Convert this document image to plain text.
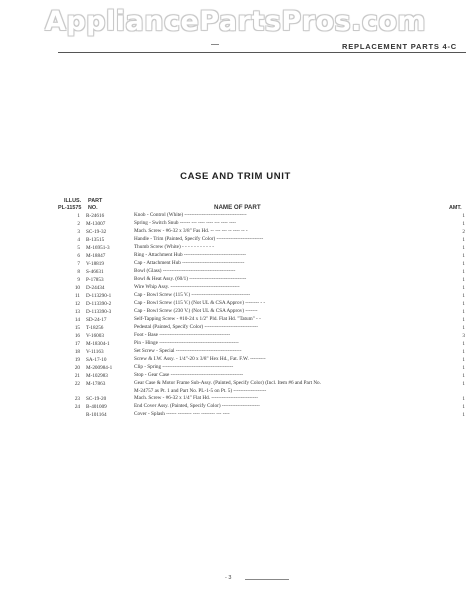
AppliancePartsPros.com
REPLACEMENT PARTS 4-C
CASE AND TRIM UNIT
ILLUS.
PL-11575
PART
NO.	NAME OF PART	AMT.
1 R-24616	Knob - Control (White) ------------------------------------	1
2 M-13007	Spring - Switch Snub ------ --- ---- ---- --- ---- ----	1
3 SC-19-32	Mach. Screw - #6-32 x 3/8" Fas Hd. -- --- --- -- ---- -- -	2
4 B-13515	Handle - Trim (Painted, Specify Color) ---------------------------	1
5 M-16951-3	Thumb Screw (White) - - - - - - - - - - -	1
6 M-18847	Ring - Attachment Hub ------------------------------------	1
7 V-18819	Cap - Attachment Hub ------------------------------------	1
8 S-46631	Bowl (Glass) ------------------------------------------	1
9 P-17853	Bowl & Heat Assy. (60/1) ---------------------------------	1
10 D-24434	Wire Whip Assy. ----------------------------------------	1
11 D-113290-1	Cap - Bowl Screw (115 V.) ----------------------------------	1
12 D-113390-2	Cap - Bowl Screw (115 V.) (Not UL & CSA Approv) -------- - -	1
13 D-113390-3	Cap - Bowl Screw (230 V.) (Not UL & CSA Approv) -------	1
14 SD-24-17	Self-Tapping Screw - #10-24 x 1/2" Pld. Flat Hd. "Tatum" - -	1
15 T-18256	Pedestal (Painted, Specify Color) -------------------------------	1
16 V-16003	Foot - Base -----------------------------------------	3
17 M-18304-1	Pin - Hinge ----------------------------------------------	1
18 V-11163	Set Screw - Special --------------------------------------	1
19 SA-17-10	Screw & I.W. Assy. - 1/4"-20 x 3/8" Hex Hd., Fat. F.W. ---------	1
20 M-200984-1	Clip - Spring -----------------------------------------	1
21 M-102983	Stop - Gear Case ------------------------------------------	1
22 M-17863	Gear Case & Motor Frame Sub-Assy. (Painted, Specify Color) (Incl. Item #6 and Part No.
M-24757 as Pt. 1 and Part No. PL-1-5 on Pt. 5) -------------------
1
23 SC-19-20	Mach. Screw - #6-32 x 1/4" Flat Hd. ---------------------------	1
24 B-401009	End Cover Assy. (Painted, Specify Color) ----------------------	1
R-101164	Cover - Splash ------ -------- ---- -------- --- ----	1
- 3
